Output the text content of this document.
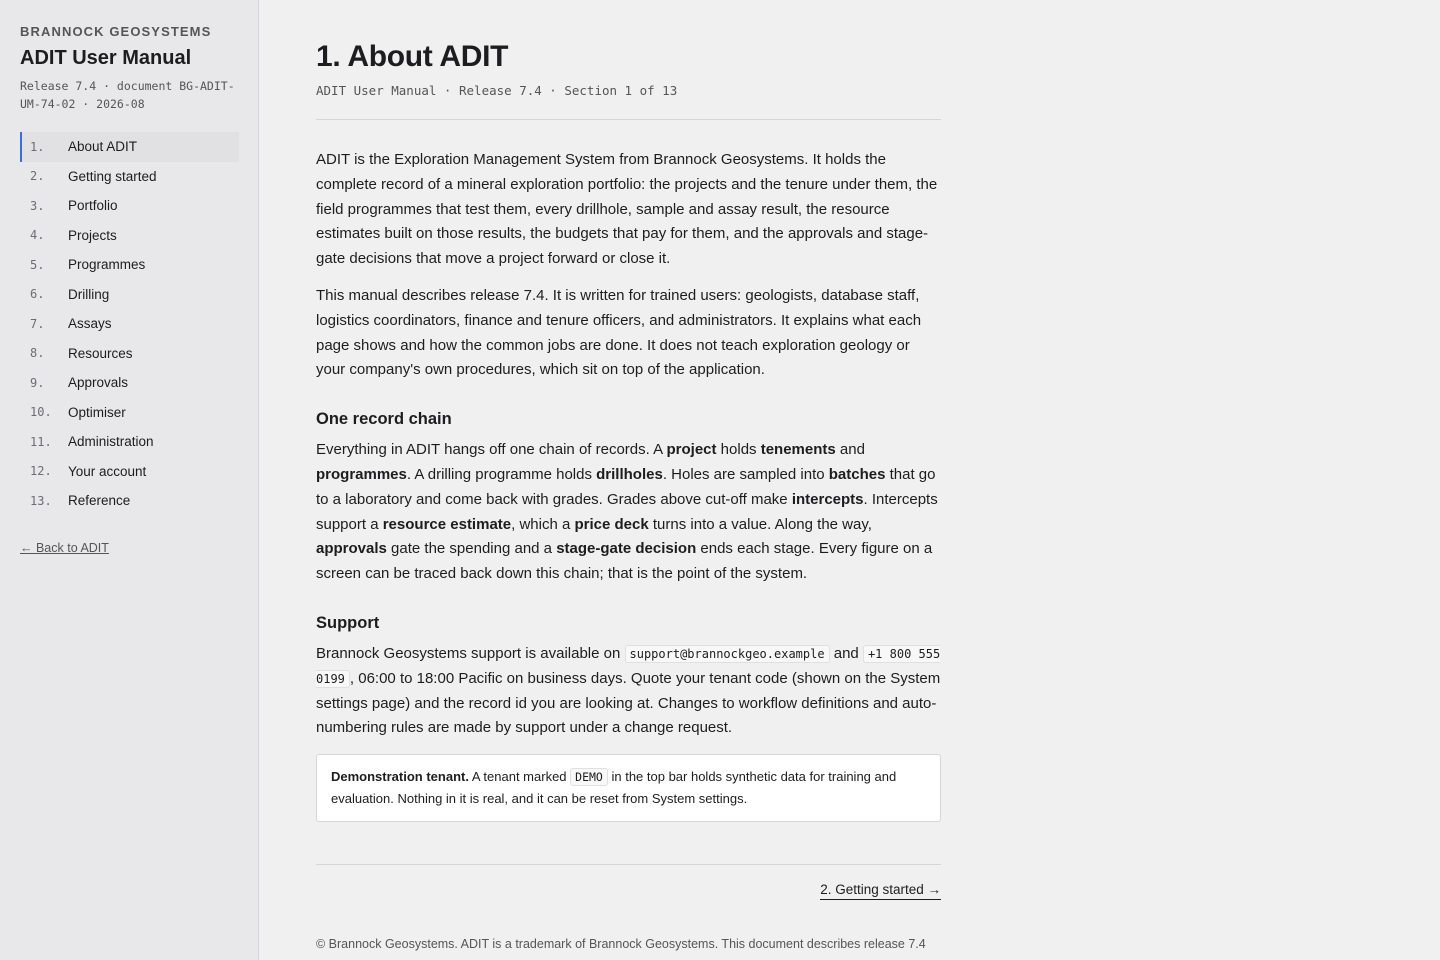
BRANNOCK GEOSYSTEMS
ADIT User Manual
Release 7.4 · document BG-ADIT-UM-74-02 · 2026-08
1. About ADIT
2. Getting started
3. Portfolio
4. Projects
5. Programmes
6. Drilling
7. Assays
8. Resources
9. Approvals
10. Optimiser
11. Administration
12. Your account
13. Reference
← Back to ADIT
1. About ADIT
ADIT User Manual · Release 7.4 · Section 1 of 13

ADIT is the Exploration Management System from Brannock Geosystems. It holds the complete record of a mineral exploration portfolio: the projects and the tenure under them, the field programmes that test them, every drillhole, sample and assay result, the resource estimates built on those results, the budgets that pay for them, and the approvals and stage-gate decisions that move a project forward or close it.

This manual describes release 7.4. It is written for trained users: geologists, database staff, logistics coordinators, finance and tenure officers, and administrators. It explains what each page shows and how the common jobs are done. It does not teach exploration geology or your company's own procedures, which sit on top of the application.

One record chain

Everything in ADIT hangs off one chain of records. A project holds tenements and programmes. A drilling programme holds drillholes. Holes are sampled into batches that go to a laboratory and come back with grades. Grades above cut-off make intercepts. Intercepts support a resource estimate, which a price deck turns into a value. Along the way, approvals gate the spending and a stage-gate decision ends each stage. Every figure on a screen can be traced back down this chain; that is the point of the system.

Support

Brannock Geosystems support is available on support@brannockgeo.example and +1 800 555 0199 , 06:00 to 18:00 Pacific on business days. Quote your tenant code (shown on the System settings page) and the record id you are looking at. Changes to workflow definitions and auto-numbering rules are made by support under a change request.

Demonstration tenant. A tenant marked DEMO in the top bar holds synthetic data for training and evaluation. Nothing in it is real, and it can be reset from System settings.
2. Getting started →
© Brannock Geosystems. ADIT is a trademark of Brannock Geosystems. This document describes release 7.4
